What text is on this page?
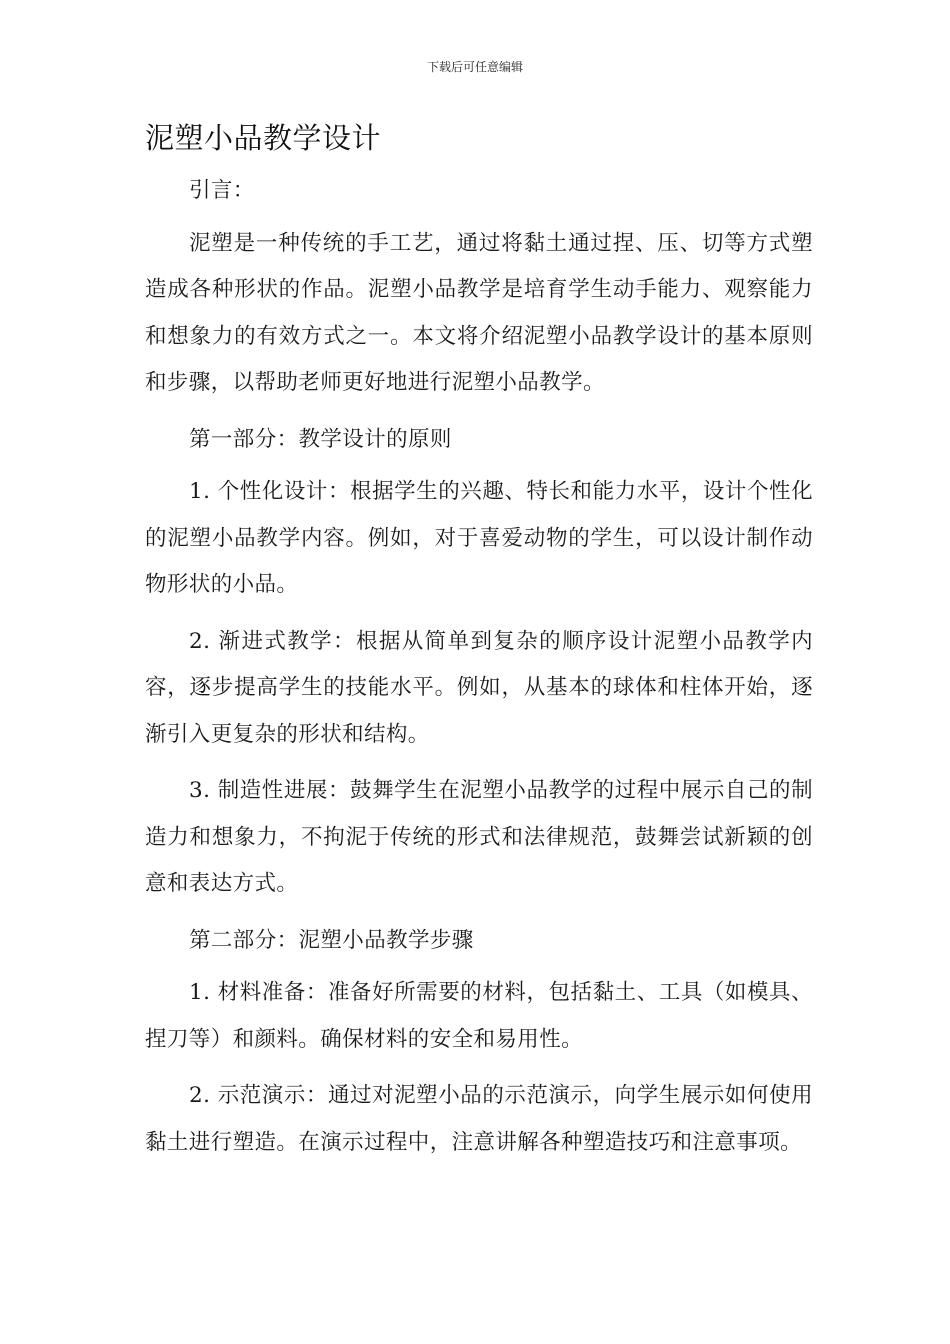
下载后可任意编辑
泥塑小品教学设计

引言：

泥塑是一种传统的手工艺，通过将黏土通过捏、压、切等方式塑造成各种形状的作品。泥塑小品教学是培育学生动手能力、观察能力和想象力的有效方式之一。本文将介绍泥塑小品教学设计的基本原则和步骤，以帮助老师更好地进行泥塑小品教学。

第一部分：教学设计的原则

1. 个性化设计：根据学生的兴趣、特长和能力水平，设计个性化的泥塑小品教学内容。例如，对于喜爱动物的学生，可以设计制作动物形状的小品。

2. 渐进式教学：根据从简单到复杂的顺序设计泥塑小品教学内容，逐步提高学生的技能水平。例如，从基本的球体和柱体开始，逐渐引入更复杂的形状和结构。

3. 制造性进展：鼓舞学生在泥塑小品教学的过程中展示自己的制造力和想象力，不拘泥于传统的形式和法律规范，鼓舞尝试新颖的创意和表达方式。

第二部分：泥塑小品教学步骤

1. 材料准备：准备好所需要的材料，包括黏土、工具（如模具、捏刀等）和颜料。确保材料的安全和易用性。

2. 示范演示：通过对泥塑小品的示范演示，向学生展示如何使用黏土进行塑造。在演示过程中，注意讲解各种塑造技巧和注意事项。
